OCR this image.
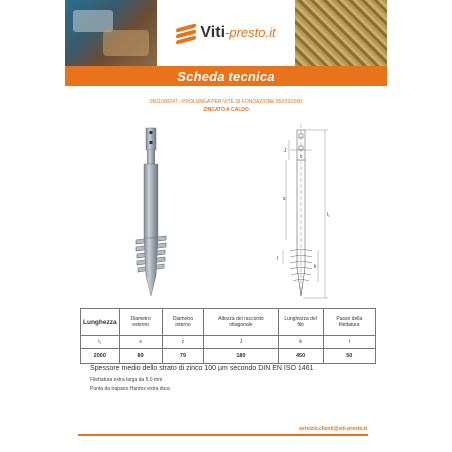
Viti-presto.it
Scheda tecnica
9501000247 - PROLUNGA PER VITE DI FONDAZIONE 89X5X2000
ZINCATO A CALDO
c
J
s
l₁
l
k
Lunghezza	Diametro esterno	Diametro interno	Altezza del raccordo ottagonale	Lunghezza del filo	Passo della filettatura
l₁	s	c	J	k	l
2000	89	79	180	450	50
Spessore medio dello strato di zinco 100 µm secondo DIN EN ISO 1461
Filettatura extra larga da 5,0 mm
Punta da trapano Hardox extra dura
servizio.clienti@viti-presto.it
